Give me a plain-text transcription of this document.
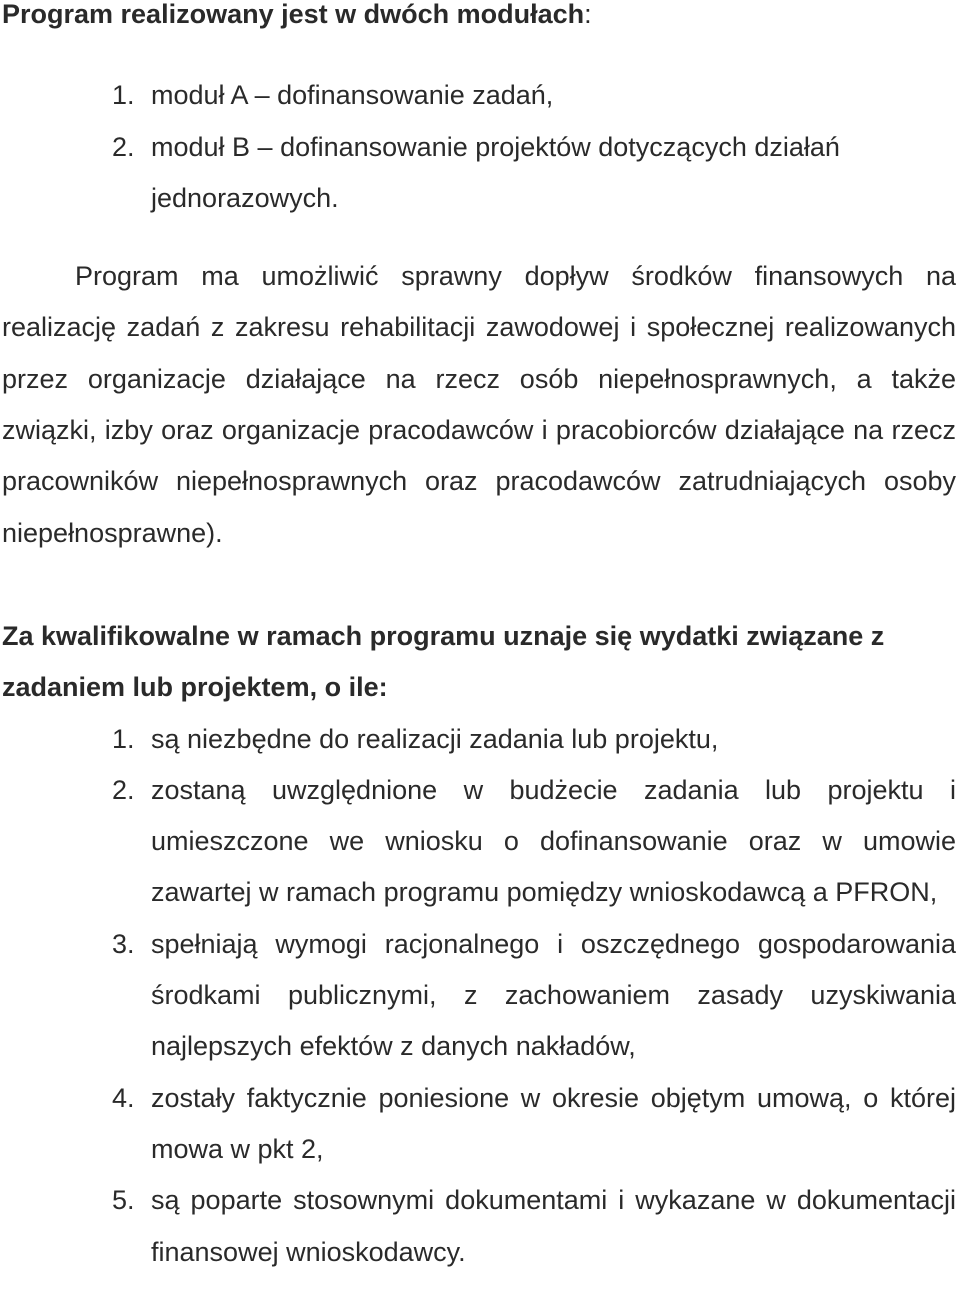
Program realizowany jest w dwóch modułach:

1. moduł A – dofinansowanie zadań,
2. moduł B – dofinansowanie projektów dotyczących działań jednorazowych.

Program ma umożliwić sprawny dopływ środków finansowych na realizację zadań z zakresu rehabilitacji zawodowej i społecznej realizowanych przez organizacje działające na rzecz osób niepełnosprawnych, a także związki, izby oraz organizacje pracodawców i pracobiorców działające na rzecz pracowników niepełnosprawnych oraz pracodawców zatrudniających osoby niepełnosprawne).

Za kwalifikowalne w ramach programu uznaje się wydatki związane z zadaniem lub projektem, o ile:

1. są niezbędne do realizacji zadania lub projektu,
2. zostaną uwzględnione w budżecie zadania lub projektu i umieszczone we wniosku o dofinansowanie oraz w umowie zawartej w ramach programu pomiędzy wnioskodawcą a PFRON,
3. spełniają wymogi racjonalnego i oszczędnego gospodarowania środkami publicznymi, z zachowaniem zasady uzyskiwania najlepszych efektów z danych nakładów,
4. zostały faktycznie poniesione w okresie objętym umową, o której mowa w pkt 2,
5. są poparte stosownymi dokumentami i wykazane w dokumentacji finansowej wnioskodawcy.
